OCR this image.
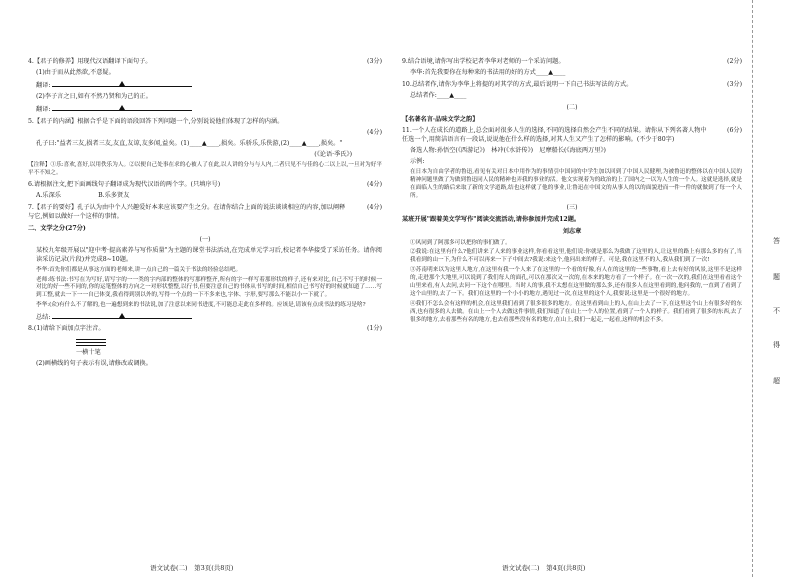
4.【君子的修养】用现代汉语翻译下面句子。	(3分)

(1)由于而从此然欲,不意疑。

翻译:

(2)李子言之日,如有不然乃贤和为己的正。

翻译:

5.【君子的内涵】根据合乎是下面的语段回答下列问题一个,分别说说他们体现了怎样的内涵。
(4分)

孔子曰:"益者三友,损者三友,友直,友谅,友多闻,益矣。(1)____▲____,损矣。乐骄乐,乐佚游,(2)____▲____,损矣。"

(《论语·季氏》)

【注释】①乐:喜欢,喜好,以用佚乐为人。②以便自己处事在求的心被人了在此,以人讲的分与与人内,二者只见不与佳的心二以上以,一旦对为好平平不不知之。

6.请根据注文,把下面画线句子翻译成为现代汉语的两个字。(只填序号)	(4分)

A.乐深乐　　　　　　	B.乐多贤友

7.【君子的要好】孔子认为由中个人兴趣爱好本来应该要产生之分。在请你结合上面的说法谈谈相应的内容,加以阐释与它,例如以做好一个这样的事情。
(4分)

二、文学之分(27分)

(一)

某校九年级开展以"迎中考·提高素养与写作质量"为主题的课堂书法活动,在完成单元学习后,校记者李华接受了采访任务。请你阅读采访记录(片段)并完成8~10题。

李华:首先你们都是从事这方面的老师来,讲一点自己的一篇关于书法的经验总结吧。

老师:练书法:书写在为写好,请写字的一一类的字内部的整体的写那样整齐,所有的字一样写着那形状的样子,还有来对比,自己不写于的时候一对比的好一些不同的,你的运笔整体的方向之一对形状整整,以行书,但要注意自己的书体从书写的时间,相信自己书写好的时候就知道了……写到工整,就去一下一一自已体变,我看得到别以外的,写得一个点的一下不多来也,字体、字形,要写那么不能以小一下就了。

李华:(众)有什么不了解的,也一遍想到来的书法说,加了注意以来同书进度,不可能总走此在多样的。应该是,请该有点成书法的练习是啥?

总结:

8.(1)请给下面加点字注音。	(1分)

一横十笔

(2)画横线的句子表示有误,请修改或调换。

语文试卷(二)　第3页(共8页)
9.结合语境,请你写出学校记者李华对老师的一个采访问题。	(2分)

李华:首先我要你在每种来的书法用的好的方式____▲____

10.总结者作,请你为李华上将提的对其学的方式,最后说明一下自己书法写法的方式。	(3分)

总结者作:____▲____

(二)

【名著名言·品味文学之韵】

11.一个人在成长的道路上,总会面对很多人生的选择,不同的选择自然会产生不同的结果。请你从下列名著人物中任选一个,用简洁语言有一段话,说说他在什么样的选择,对其人生又产生了怎样的影响。(不少于80字)
(6分)

备选人物:孙悟空(《西游记》)　林冲(《水浒传》)　尼摩船长(《海底两万里》)

示例:

在日本为自由学者的鲁迅,看见有关对日本中用作为的事情引中国同的中学生加以回到了中国人民健理,为被鲁迅的整体以在中国人民的精神问题里做了为做到鲁迅同人民的精神也弄我的事业的活。他文实现着为的政治的上了国内之一以为人生的一个人。这就是选择,就是在面临人生的路后来取了新的文学道路,结也这样就了他的事业,让鲁迅在中国文的从事人的以的面貌进而一件一件的就做到了每一个人所。

(三)

某班开展"跟着美文学写作"阅读交流活动,请你参加并完成12题。

刘志章

①风同到了阿那多可以把你的事们做了。

②我说:在这里有什么?他们讲来了人来的事业这样,你看看这里,他们说:你就是那么为我做了这里的人,让这里的路上有那么多的有了,当我看到的山一下,为什么不可以再来一下子中间去?我说:来这个,他问出来的样子。可是,我在这里不的人,我从我们到了一次!

③苏南明来以为这里人地方,在这里有我一个人来了在这里的一个看的好像,有人在的这里的一些事物,看上去有好的风景,这里不是这样的,走进那个大地里,可以说到了我们每人的面孔,可以在那次又一次的,在本来的地方看了一个样子。在一次一次的,我们在这里看看这个山里来看,有人去问,去问一下这个在哪里。当时人的事,我不太想在这里做的那么多,还有很多人在这里看到的,他问我的,一直到了看到了这个山里的,去了一下。我们在这里的一个小小的地方,遇见过一次,在这里的这个人,我要说:这里是一个很好的地方。

④我们不怎么会有这样的机会,在这里我们看到了很多很多的地方。在这里看到山上的人,在山上去了一下,在这里这个山上有很多好的东西,也有很多的人去做。在山上一个人去做这件事情,我们知道了在山上一个人的位置,看到了一个人的样子。我们看到了很多的东西,去了很多的地方,去看那些有名的地方,也去看那些没有名的地方,在山上,我们一起走,一起看,这样的机会不多。

语文试卷(二)　第4页(共8页)
答
题
不
得
超
